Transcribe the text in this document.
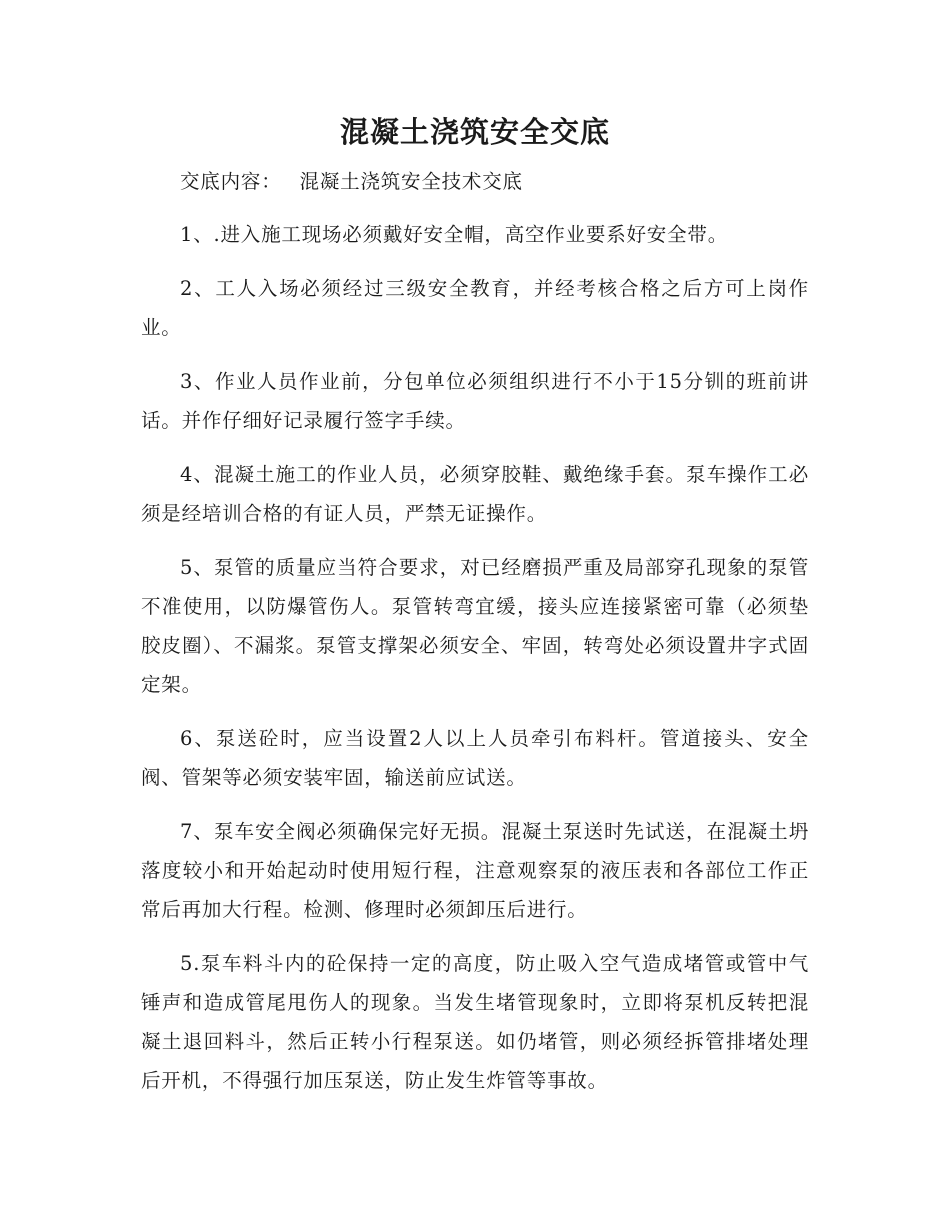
混凝土浇筑安全交底

交底内容： 混凝土浇筑安全技术交底

1、.进入施工现场必须戴好安全帽，高空作业要系好安全带。

2、工人入场必须经过三级安全教育，并经考核合格之后方可上岗作业。

3、作业人员作业前，分包单位必须组织进行不小于15分钏的班前讲话。并作仔细好记录履行签字手续。

4、混凝土施工的作业人员，必须穿胶鞋、戴绝缘手套。泵车操作工必须是经培训合格的有证人员，严禁无证操作。

5、泵管的质量应当符合要求，对已经磨损严重及局部穿孔现象的泵管不准使用，以防爆管伤人。泵管转弯宜缓，接头应连接紧密可靠（必须垫胶皮圈）、不漏浆。泵管支撑架必须安全、牢固，转弯处必须设置井字式固定架。

6、泵送砼时，应当设置2人以上人员牵引布料杆。管道接头、安全阀、管架等必须安装牢固，输送前应试送。

7、泵车安全阀必须确保完好无损。混凝土泵送时先试送，在混凝土坍落度较小和开始起动时使用短行程，注意观察泵的液压表和各部位工作正常后再加大行程。检测、修理时必须卸压后进行。

5.泵车料斗内的砼保持一定的高度，防止吸入空气造成堵管或管中气锤声和造成管尾甩伤人的现象。当发生堵管现象时，立即将泵机反转把混凝土退回料斗，然后正转小行程泵送。如仍堵管，则必须经拆管排堵处理后开机，不得强行加压泵送，防止发生炸管等事故。
